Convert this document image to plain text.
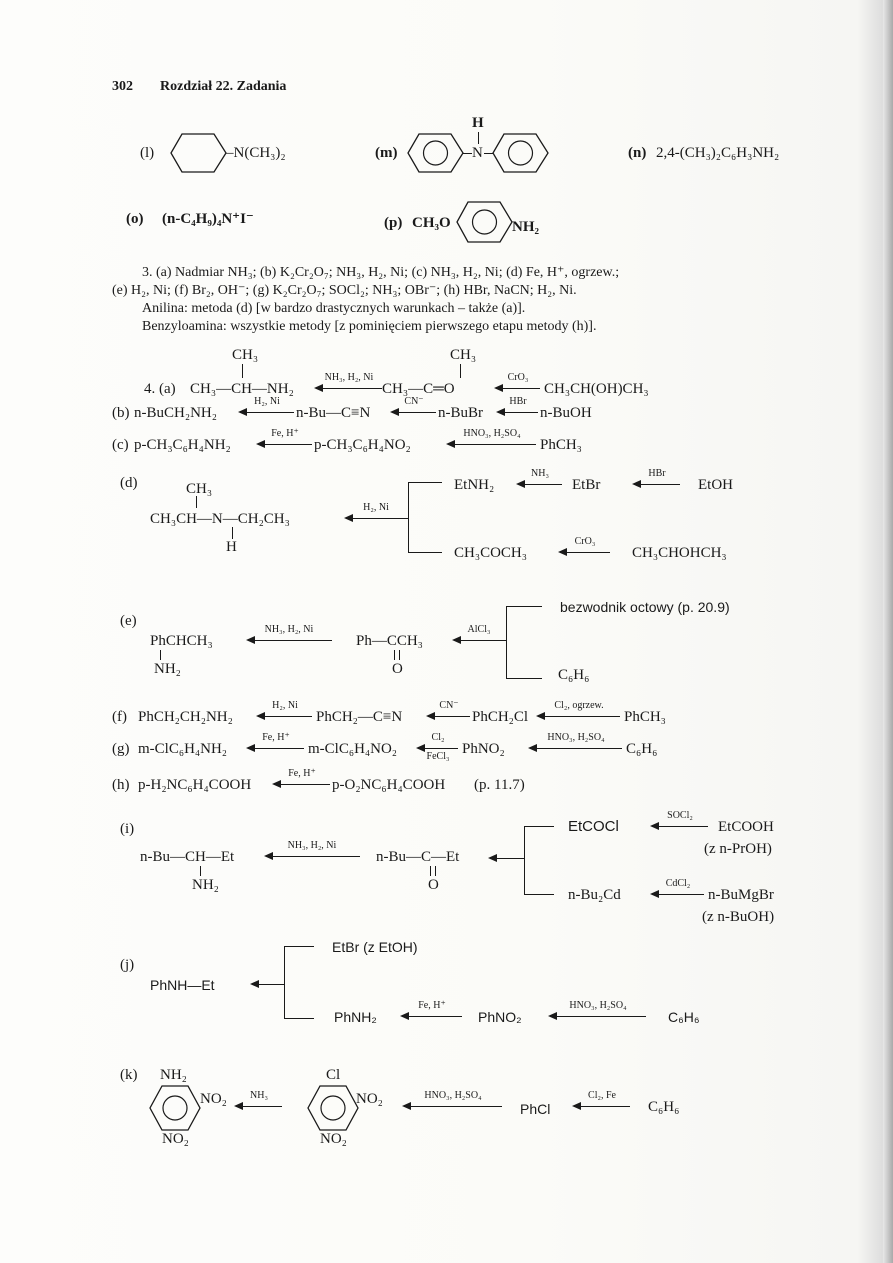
302 Rozdział 22. Zadania
(l)	–N(CH₃)₂	(m)
H
N	(n) 2,4-(CH₃)₂C₆H₃NH₂
(o) (n-C₄H₉)₄N⁺I⁻	(p) CH₃O	NH₂
3. (a) Nadmiar NH₃; (b) K₂Cr₂O₇; NH₃, H₂, Ni; (c) NH₃, H₂, Ni; (d) Fe, H⁺, ogrzew.;
(e) H₂, Ni; (f) Br₂, OH⁻; (g) K₂Cr₂O₇; SOCl₂; NH₃; OBr⁻; (h) HBr, NaCN; H₂, Ni.
Anilina: metoda (d) [w bardzo drastycznych warunkach – także (a)].
Benzyloamina: wszystkie metody [z pominięciem pierwszego etapu metody (h)].
CH₃	CH₃
4. (a) CH₃—CH—NH₂
NH₃, H₂, Ni
CH₃—C═O
CrO₃
CH₃CH(OH)CH₃
(b) n-BuCH₂NH₂
H₂, Ni
n-Bu—C≡N
CN⁻
n-BuBr
HBr
n-BuOH
(c) p-CH₃C₆H₄NH₂
Fe, H⁺
p-CH₃C₆H₄NO₂
HNO₃, H₂SO₄
PhCH₃
(d)	CH₃
CH₃CH—N—CH₂CH₃
H
H₂, Ni
EtNH₂
NH₃
EtBr
HBr
EtOH
CH₃COCH₃
CrO₃
CH₃CHOHCH₃
(e)
PhCHCH₃
NH₂
NH₃, H₂, Ni
Ph—CCH₃
O
AlCl₃
bezwodnik octowy (p. 20.9)
C₆H₆
(f) PhCH₂CH₂NH₂
H₂, Ni
PhCH₂—C≡N
CN⁻
PhCH₂Cl
Cl₂, ogrzew.
PhCH₃
(g) m-ClC₆H₄NH₂
Fe, H⁺
m-ClC₆H₄NO₂
Cl₂
FeCl₃ PhNO₂
HNO₃, H₂SO₄
C₆H₆
(h) p-H₂NC₆H₄COOH
Fe, H⁺
p-O₂NC₆H₄COOH (p. 11.7)
(i)
n-Bu—CH—Et
NH₂
NH₃, H₂, Ni
n-Bu—C—Et
O
EtCOCl
SOCl₂
EtCOOH
(z n-PrOH)
n-Bu₂Cd
CdCl₂
n-BuMgBr
(z n-BuOH)
(j)
PhNH—Et
EtBr (z EtOH)
PhNH₂
Fe, H⁺
PhNO₂
HNO₃, H₂SO₄
C₆H₆
(k) NH₂
NO₂
NO₂
NH₃
Cl
NO₂
NO₂
HNO₃, H₂SO₄
PhCl
Cl₂, Fe
C₆H₆
